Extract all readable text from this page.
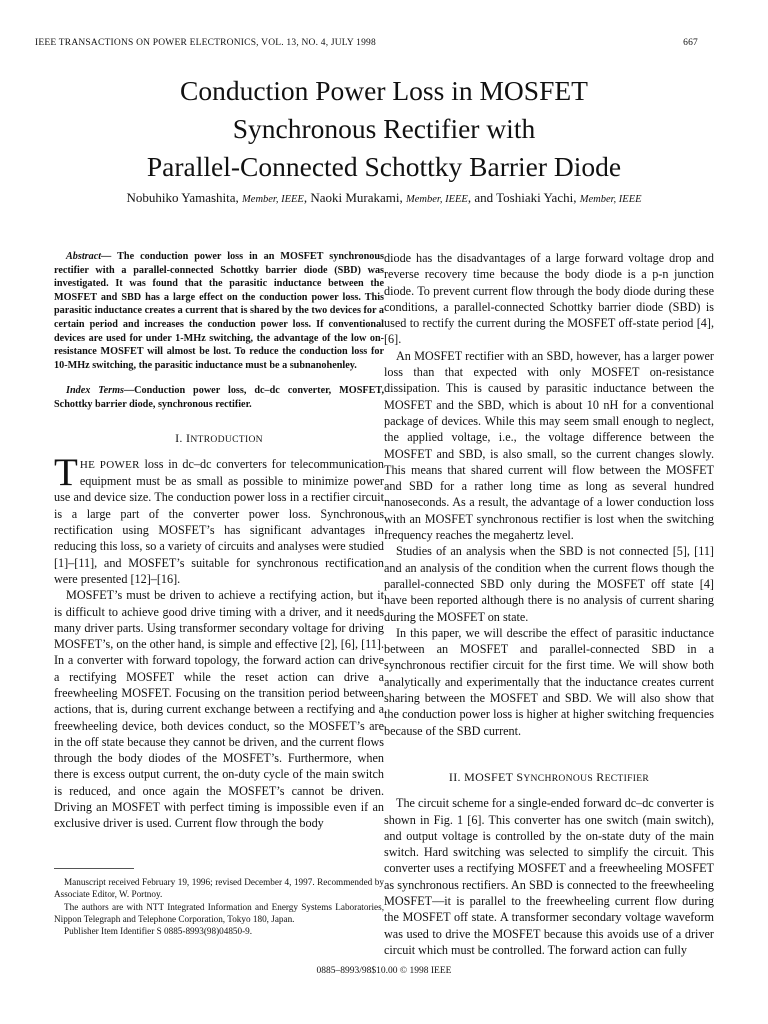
IEEE TRANSACTIONS ON POWER ELECTRONICS, VOL. 13, NO. 4, JULY 1998	667
Conduction Power Loss in MOSFET
Synchronous Rectifier with
Parallel-Connected Schottky Barrier Diode
Nobuhiko Yamashita, Member, IEEE, Naoki Murakami, Member, IEEE, and Toshiaki Yachi, Member, IEEE

Abstract— The conduction power loss in an MOSFET synchronous rectifier with a parallel-connected Schottky barrier diode (SBD) was investigated. It was found that the parasitic inductance between the MOSFET and SBD has a large effect on the conduction power loss. This parasitic inductance creates a current that is shared by the two devices for a certain period and increases the conduction power loss. If conventional devices are used for under 1-MHz switching, the advantage of the low on-resistance MOSFET will almost be lost. To reduce the conduction loss for 10-MHz switching, the parasitic inductance must be a subnanohenley.

Index Terms—Conduction power loss, dc–dc converter, MOSFET, Schottky barrier diode, synchronous rectifier.

I. INTRODUCTION

THE POWER loss in dc–dc converters for telecommunication equipment must be as small as possible to minimize power use and device size. The conduction power loss in a rectifier circuit is a large part of the converter power loss. Synchronous rectification using MOSFET’s has significant advantages in reducing this loss, so a variety of circuits and analyses were studied [1]–[11], and MOSFET’s suitable for synchronous rectification were presented [12]–[16].

MOSFET’s must be driven to achieve a rectifying action, but it is difficult to achieve good drive timing with a driver, and it needs many driver parts. Using transformer secondary voltage for driving MOSFET’s, on the other hand, is simple and effective [2], [6], [11]. In a converter with forward topology, the forward action can drive a rectifying MOSFET while the reset action can drive a freewheeling MOSFET. Focusing on the transition period between actions, that is, during current exchange between a rectifying and a freewheeling device, both devices conduct, so the MOSFET’s are in the off state because they cannot be driven, and the current flows through the body diodes of the MOSFET’s. Furthermore, when there is excess output current, the on-duty cycle of the main switch is reduced, and once again the MOSFET’s cannot be driven. Driving an MOSFET with perfect timing is impossible even if an exclusive driver is used. Current flow through the body

Manuscript received February 19, 1996; revised December 4, 1997. Recommended by Associate Editor, W. Portnoy.

The authors are with NTT Integrated Information and Energy Systems Laboratories, Nippon Telegraph and Telephone Corporation, Tokyo 180, Japan.

Publisher Item Identifier S 0885-8993(98)04850-9.

diode has the disadvantages of a large forward voltage drop and reverse recovery time because the body diode is a p-n junction diode. To prevent current flow through the body diode during these conditions, a parallel-connected Schottky barrier diode (SBD) is used to rectify the current during the MOSFET off-state period [4], [6].

An MOSFET rectifier with an SBD, however, has a larger power loss than that expected with only MOSFET on-resistance dissipation. This is caused by parasitic inductance between the MOSFET and the SBD, which is about 10 nH for a conventional package of devices. While this may seem small enough to neglect, the applied voltage, i.e., the voltage difference between the MOSFET and SBD, is also small, so the current changes slowly. This means that shared current will flow between the MOSFET and SBD for a rather long time as long as several hundred nanoseconds. As a result, the advantage of a lower conduction loss with an MOSFET synchronous rectifier is lost when the switching frequency reaches the megahertz level.

Studies of an analysis when the SBD is not connected [5], [11] and an analysis of the condition when the current flows though the parallel-connected SBD only during the MOSFET off state [4] have been reported although there is no analysis of current sharing during the MOSFET on state.

In this paper, we will describe the effect of parasitic inductance between an MOSFET and parallel-connected SBD in a synchronous rectifier circuit for the first time. We will show both analytically and experimentally that the inductance creates current sharing between the MOSFET and SBD. We will also show that the conduction power loss is higher at higher switching frequencies because of the SBD current.

II. MOSFET SYNCHRONOUS RECTIFIER

The circuit scheme for a single-ended forward dc–dc converter is shown in Fig. 1 [6]. This converter has one switch (main switch), and output voltage is controlled by the on-state duty of the main switch. Hard switching was selected to simplify the circuit. This converter uses a rectifying MOSFET and a freewheeling MOSFET as synchronous rectifiers. An SBD is connected to the freewheeling MOSFET—it is parallel to the freewheeling current flow during the MOSFET off state. A transformer secondary voltage waveform was used to drive the MOSFET because this avoids use of a driver circuit which must be controlled. The forward action can fully

0885–8993/98$10.00 © 1998 IEEE
